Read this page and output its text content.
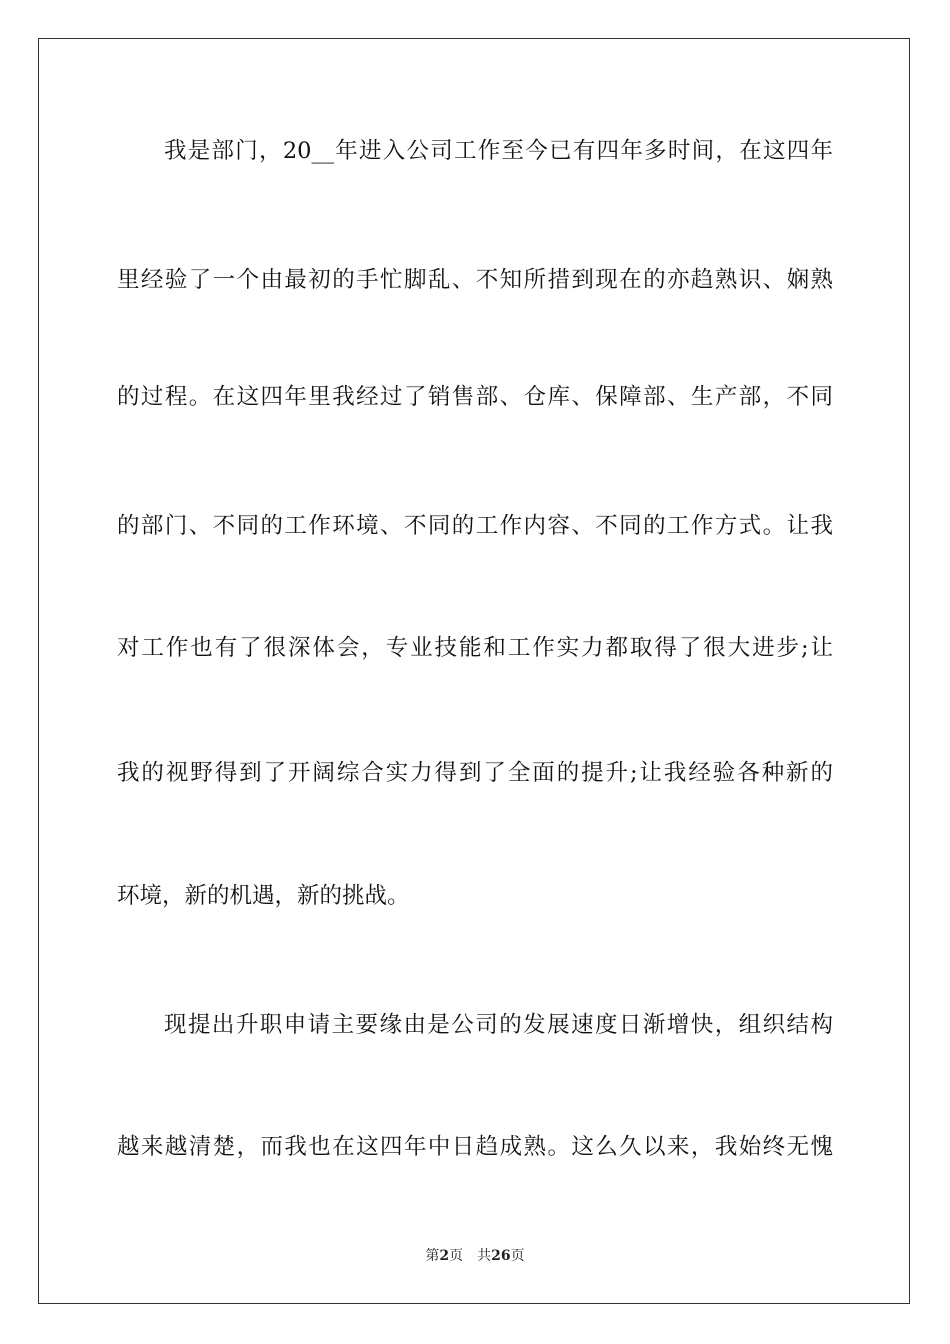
我是部门，20__年进入公司工作至今已有四年多时间，在这四年
里经验了一个由最初的手忙脚乱、不知所措到现在的亦趋熟识、娴熟
的过程。在这四年里我经过了销售部、仓库、保障部、生产部，不同
的部门、不同的工作环境、不同的工作内容、不同的工作方式。让我
对工作也有了很深体会，专业技能和工作实力都取得了很大进步;让
我的视野得到了开阔综合实力得到了全面的提升;让我经验各种新的
环境，新的机遇，新的挑战。
现提出升职申请主要缘由是公司的发展速度日渐增快，组织结构
越来越清楚，而我也在这四年中日趋成熟。这么久以来，我始终无愧
第2页 共26页
